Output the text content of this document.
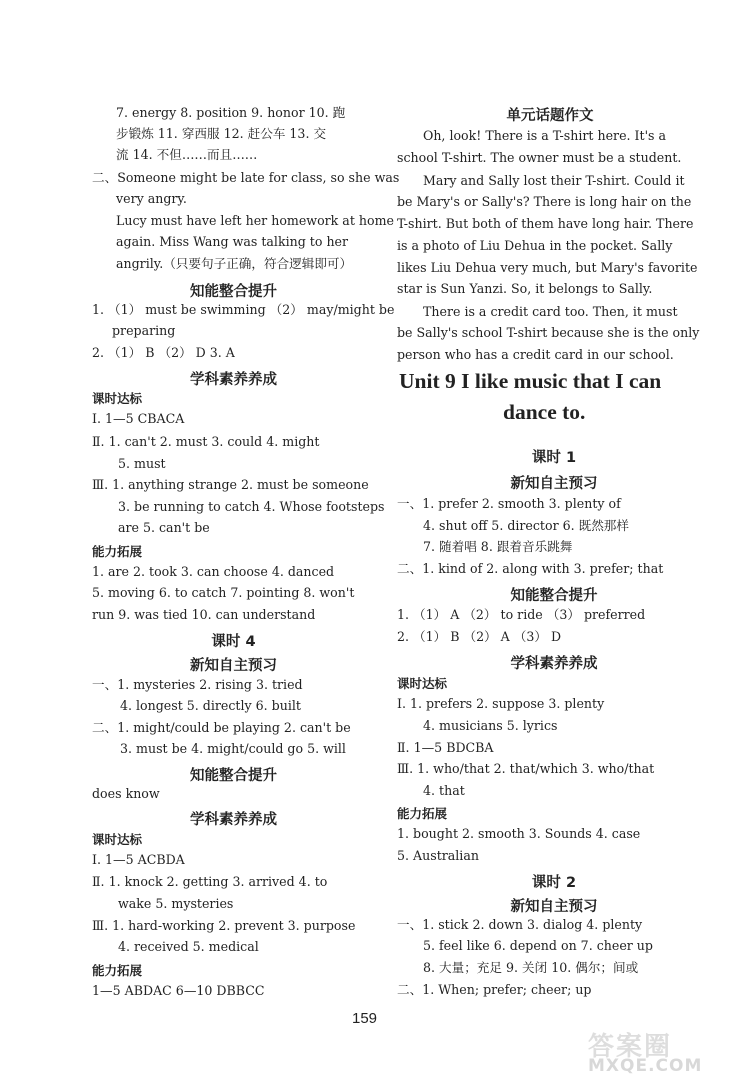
7. energy 8. position 9. honor 10. 跑
步锻炼 11. 穿西服 12. 赶公车 13. 交
流 14. 不但……而且……
二、Someone might be late for class, so she was
very angry.
Lucy must have left her homework at home
again. Miss Wang was talking to her
angrily.（只要句子正确，符合逻辑即可）
知能整合提升
1. （1） must be swimming （2） may/might be
preparing
2. （1） B （2） D 3. A
学科素养养成
课时达标
Ⅰ. 1—5 CBACA
Ⅱ. 1. can't 2. must 3. could 4. might
5. must
Ⅲ. 1. anything strange 2. must be someone
3. be running to catch 4. Whose footsteps
are 5. can't be
能力拓展
1. are 2. took 3. can choose 4. danced
5. moving 6. to catch 7. pointing 8. won't
run 9. was tied 10. can understand
课时 4
新知自主预习
一、1. mysteries 2. rising 3. tried
4. longest 5. directly 6. built
二、1. might/could be playing 2. can't be
3. must be 4. might/could go 5. will
知能整合提升
does know
学科素养养成
课时达标
Ⅰ. 1—5 ACBDA
Ⅱ. 1. knock 2. getting 3. arrived 4. to
wake 5. mysteries
Ⅲ. 1. hard-working 2. prevent 3. purpose
4. received 5. medical
能力拓展
1—5 ABDAC 6—10 DBBCC
单元话题作文
Oh, look! There is a T-shirt here. It's a
school T-shirt. The owner must be a student.
Mary and Sally lost their T-shirt. Could it
be Mary's or Sally's? There is long hair on the
T-shirt. But both of them have long hair. There
is a photo of Liu Dehua in the pocket. Sally
likes Liu Dehua very much, but Mary's favorite
star is Sun Yanzi. So, it belongs to Sally.
There is a credit card too. Then, it must
be Sally's school T-shirt because she is the only
person who has a credit card in our school.
Unit 9 I like music that I can
dance to.
课时 1
新知自主预习
一、1. prefer 2. smooth 3. plenty of
4. shut off 5. director 6. 既然那样
7. 随着唱 8. 跟着音乐跳舞
二、1. kind of 2. along with 3. prefer; that
知能整合提升
1. （1） A （2） to ride （3） preferred
2. （1） B （2） A （3） D
学科素养养成
课时达标
Ⅰ. 1. prefers 2. suppose 3. plenty
4. musicians 5. lyrics
Ⅱ. 1—5 BDCBA
Ⅲ. 1. who/that 2. that/which 3. who/that
4. that
能力拓展
1. bought 2. smooth 3. Sounds 4. case
5. Australian
课时 2
新知自主预习
一、1. stick 2. down 3. dialog 4. plenty
5. feel like 6. depend on 7. cheer up
8. 大量；充足 9. 关闭 10. 偶尔；间或
二、1. When; prefer; cheer; up
159
答案圈
MXQE.COM
